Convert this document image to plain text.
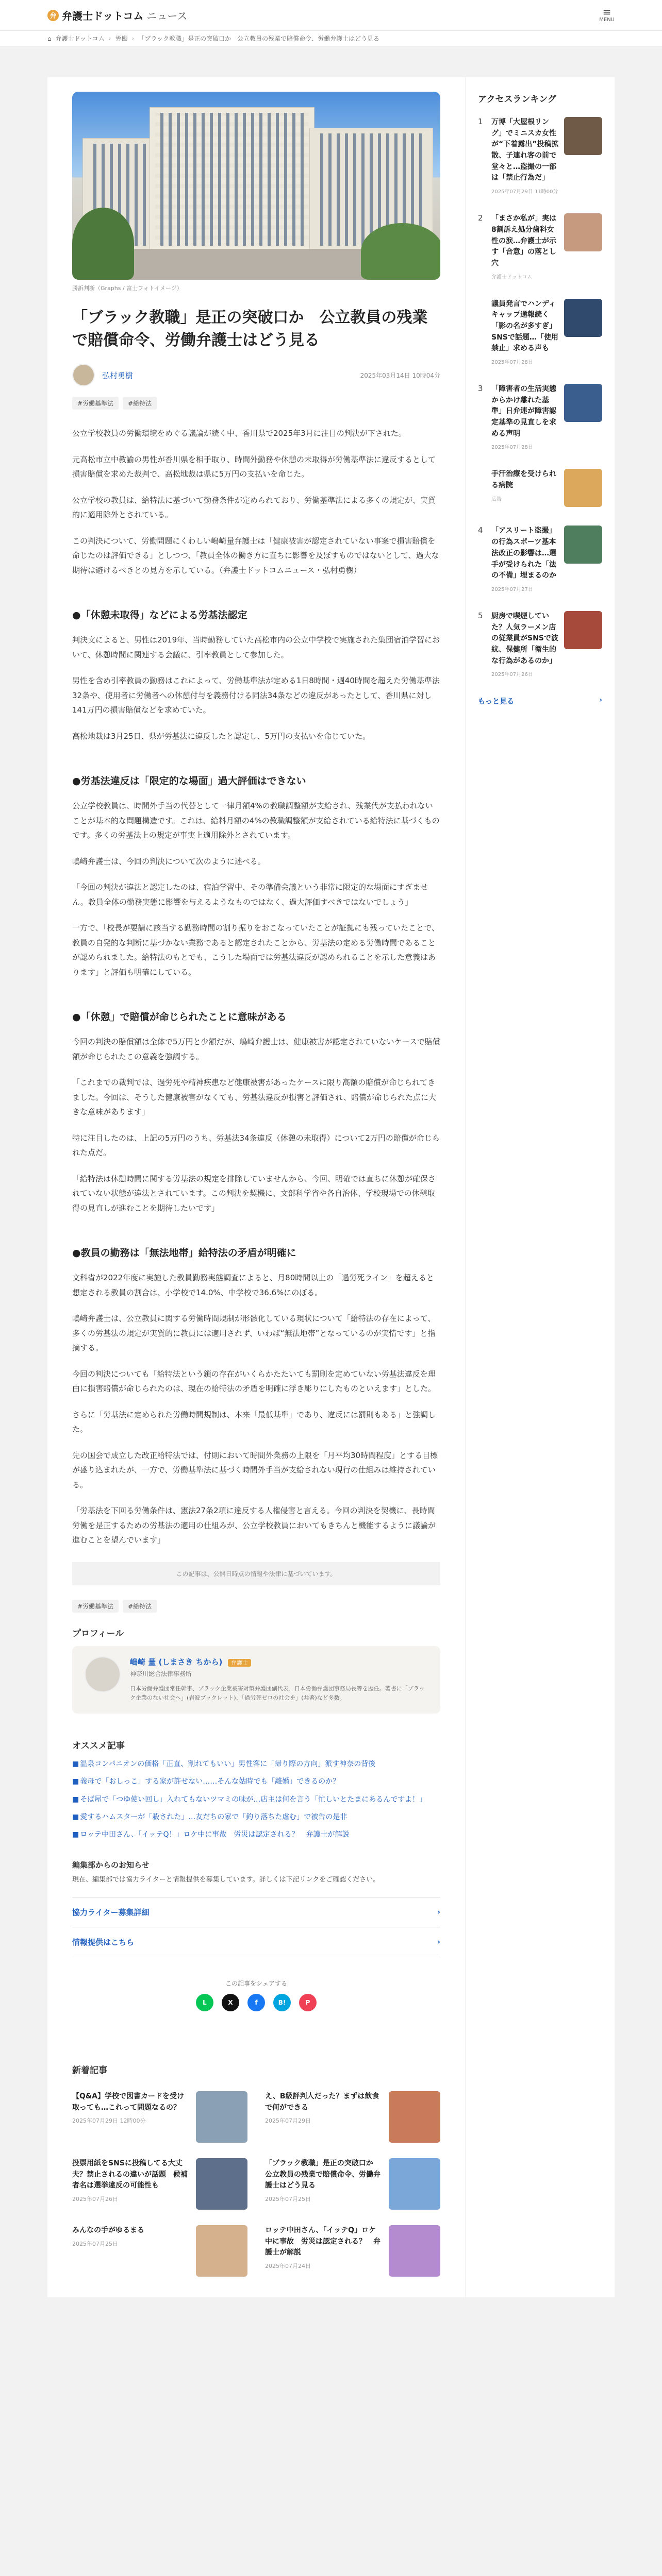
弁 弁護士ドットコム ニュース	≡
MENU
⌂ 弁護士ドットコム › 労働 › 「ブラック教職」是正の突破口か　公立教員の残業で賠償命令、労働弁護士はどう見る
勝訴判断（Graphs / 富士フォトイメージ）
「ブラック教職」是正の突破口か　公立教員の残業で賠償命令、労働弁護士はどう見る
弘村勇樹	2025年03月14日 10時04分
#労働基準法	#給特法

公立学校教員の労働環境をめぐる議論が続く中、香川県で2025年3月に注目の判決が下された。

元高松市立中教諭の男性が香川県を相手取り、時間外勤務や休憩の未取得が労働基準法に違反するとして損害賠償を求めた裁判で、高松地裁は県に5万円の支払いを命じた。

公立学校の教員は、給特法に基づいて勤務条件が定められており、労働基準法による多くの規定が、実質的に適用除外とされている。

この判決について、労働問題にくわしい嶋崎量弁護士は「健康被害が認定されていない事案で損害賠償を命じたのは評価できる」としつつ、「教員全体の働き方に直ちに影響を及ぼすものではないとして、過大な期待は避けるべきとの見方を示している。（弁護士ドットコムニュース・弘村勇樹）

●「休憩未取得」などによる労基法認定

判決文によると、男性は2019年、当時勤務していた高松市内の公立中学校で実施された集団宿泊学習において、休憩時間に関連する会議に、引率教員として参加した。

男性を含め引率教員の勤務はこれによって、労働基準法が定める1日8時間・週40時間を超えた労働基準法32条や、使用者に労働者への休憩付与を義務付ける同法34条などの違反があったとして、香川県に対し141万円の損害賠償などを求めていた。

高松地裁は3月25日、県が労基法に違反したと認定し、5万円の支払いを命じていた。

●労基法違反は「限定的な場面」過大評価はできない

公立学校教員は、時間外手当の代替として一律月額4%の教職調整額が支給され、残業代が支払われないことが基本的な問題構造です。これは、給料月額の4%の教職調整額が支給されている給特法に基づくものです。多くの労基法上の規定が事実上適用除外とされています。

嶋崎弁護士は、今回の判決について次のように述べる。

「今回の判決が違法と認定したのは、宿泊学習中、その準備会議という非常に限定的な場面にすぎません。教員全体の勤務実態に影響を与えるようなものではなく、過大評価すべきではないでしょう」

一方で、「校長が要請に該当する勤務時間の割り振りをおこなっていたことが証拠にも残っていたことで、教員の自発的な判断に基づかない業務であると認定されたことから、労基法の定める労働時間であることが認められました。給特法のもとでも、こうした場面では労基法違反が認められることを示した意義はあります」と評価も明確にしている。

●「休憩」で賠償が命じられたことに意味がある

今回の判決の賠償額は全体で5万円と少額だが、嶋崎弁護士は、健康被害が認定されていないケースで賠償額が命じられたこの意義を強調する。

「これまでの裁判では、過労死や精神疾患など健康被害があったケースに限り高額の賠償が命じられてきました。今回は、そうした健康被害がなくても、労基法違反が損害と評価され、賠償が命じられた点に大きな意味があります」

特に注目したのは、上記の5万円のうち、労基法34条違反（休憩の未取得）について2万円の賠償が命じられた点だ。

「給特法は休憩時間に関する労基法の規定を排除していませんから、今回、明確では直ちに休憩が確保されていない状態が違法とされています。この判決を契機に、文部科学省や各自治体、学校現場での休憩取得の見直しが進むことを期待したいです」

●教員の勤務は「無法地帯」給特法の矛盾が明確に

文科省が2022年度に実施した教員勤務実態調査によると、月80時間以上の「過労死ライン」を超えると想定される教員の割合は、小学校で14.0%、中学校で36.6%にのぼる。

嶋崎弁護士は、公立教員に関する労働時間規制が形骸化している現状について「給特法の存在によって、多くの労基法の規定が実質的に教員には適用されず、いわば“無法地帯”となっているのが実情です」と指摘する。

今回の判決についても「給特法という鎖の存在がいくらかたたいても罰則を定めていない労基法違反を理由に損害賠償が命じられたのは、現在の給特法の矛盾を明確に浮き彫りにしたものといえます」とした。

さらに「労基法に定められた労働時間規制は、本来「最低基準」であり、違反には罰則もある」と強調した。

先の国会で成立した改正給特法では、付則において時間外業務の上限を「月平均30時間程度」とする目標が盛り込まれたが、一方で、労働基準法に基づく時間外手当が支給されない現行の仕組みは維持されている。

「労基法を下回る労働条件は、憲法27条2項に違反する人権侵害と言える。今回の判決を契機に、長時間労働を是正するための労基法の適用の仕組みが、公立学校教員においてもきちんと機能するように議論が進むことを望んでいます」

この記事は、公開日時点の情報や法律に基づいています。
#労働基準法	#給特法
プロフィール
嶋崎 量 (しまさき ちから) 弁護士
神奈川総合法律事務所
日本労働弁護団常任幹事、ブラック企業被害対策弁護団副代表、日本労働弁護団事務局長等を歴任。著書に「ブラック企業のない社会へ」(岩波ブックレット)、「過労死ゼロの社会を」(共著)など多数。
オススメ記事
■ 温泉コンパニオンの価格「正直、割れてもいい」男性客に「帰り際の方向」派す神奈の背後
■ 義母で「おしっこ」する家が許せない……そんな姑時でも「離婚」できるのか？
■ そば屋で「つゆ使い回し」入れてもないツマミの味が…店主は何を言う「忙しいとたまにあるんですよ！」
■ 愛するハムスターが「殺された」…友だちの家で「釣り落ちた虐む」で被告の是非
■ ロッテ中田さん、「イッテQ！」ロケ中に事故　労災は認定される？　弁護士が解説
編集部からのお知らせ
現在、編集部では協力ライターと情報提供を募集しています。詳しくは下記リンクをご確認ください。
協力ライター募集詳細	›
情報提供はこちら	›
この記事をシェアする
L	X	f	B!	P
新着記事
【Q&A】学校で図書カードを受け取っても…これって問題なるの？
2025年07月29日 12時00分
え、B級評判人だった？まずは飲食で何ができる
2025年07月29日
投票用紙をSNSに投稿してる大丈夫？禁止されるの違いが話題　候補者名は選挙違反の可能性も
2025年07月26日
「ブラック教職」是正の突破口か　公立教員の残業で賠償命令、労働弁護士はどう見る
2025年07月25日
みんなの手がゆるまる
2025年07月25日
ロッテ中田さん、「イッテQ」ロケ中に事故　労災は認定される？　弁護士が解説
2025年07月24日
アクセスランキング
1	万博「大屋根リング」でミニスカ女性が“下着露出”投稿拡散、子連れ客の前で堂々と…盗撮の一部は「禁止行為だ」
2025年07月29日 11時00分
2	「まさか私が」実は8割訴え処分歯科女性の涙…弁護士が示す「合意」の落とし穴
弁護士ドットコム
議員発言でハンディキャップ通報続く「影の名が多すぎ」SNSで話題…「使用禁止」求める声も
2025年07月28日
3	「障害者の生活実態からかけ離れた基準」日弁連が障害認定基準の見直しを求める声明
2025年07月28日
手汗治療を受けられる病院
広告
4	「アスリート盗撮」の行為スポーツ基本法改正の影響は…選手が受けられた「法の不備」埋まるのか
2025年07月27日
5	厨房で喫煙していた？人気ラーメン店の従業員がSNSで波紋、保健所「衛生的な行為があるのか」
2025年07月26日
もっと見る	›
